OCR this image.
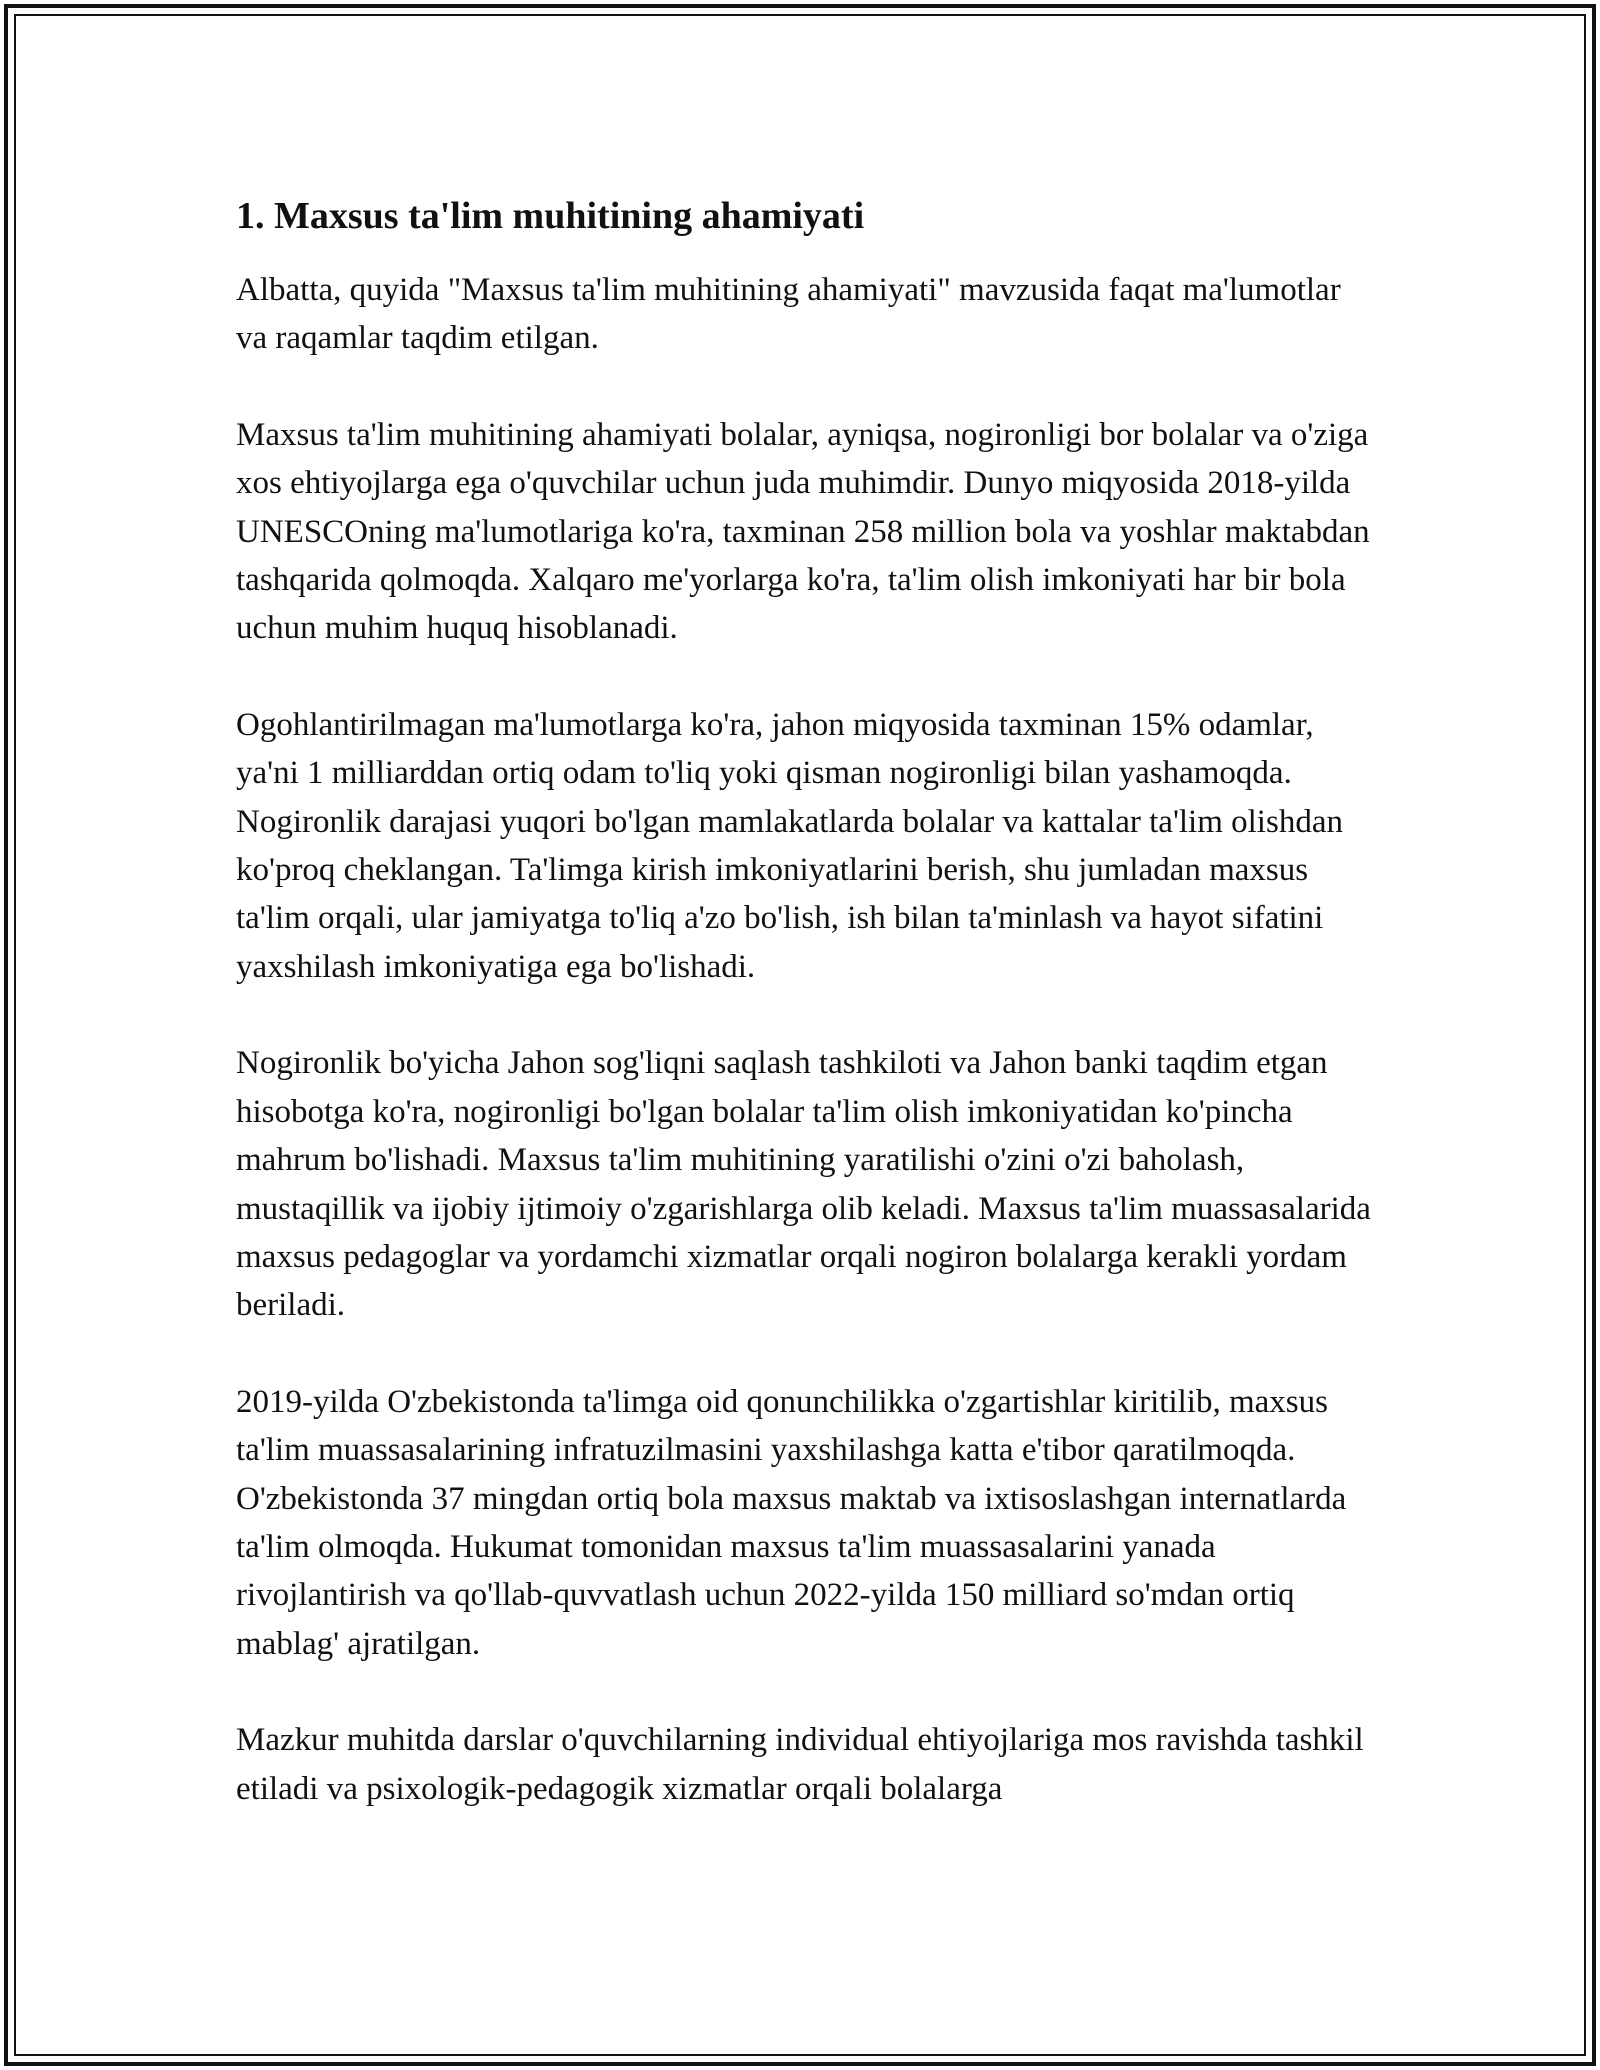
1. Maxsus ta'lim muhitining ahamiyati

Albatta, quyida "Maxsus ta'lim muhitining ahamiyati" mavzusida faqat ma'lumotlar va raqamlar taqdim etilgan.

Maxsus ta'lim muhitining ahamiyati bolalar, ayniqsa, nogironligi bor bolalar va o'ziga xos ehtiyojlarga ega o'quvchilar uchun juda muhimdir. Dunyo miqyosida 2018-yilda UNESCOning ma'lumotlariga ko'ra, taxminan 258 million bola va yoshlar maktabdan tashqarida qolmoqda. Xalqaro me'yorlarga ko'ra, ta'lim olish imkoniyati har bir bola uchun muhim huquq hisoblanadi.

Ogohlantirilmagan ma'lumotlarga ko'ra, jahon miqyosida taxminan 15% odamlar, ya'ni 1 milliarddan ortiq odam to'liq yoki qisman nogironligi bilan yashamoqda. Nogironlik darajasi yuqori bo'lgan mamlakatlarda bolalar va kattalar ta'lim olishdan ko'proq cheklangan. Ta'limga kirish imkoniyatlarini berish, shu jumladan maxsus ta'lim orqali, ular jamiyatga to'liq a'zo bo'lish, ish bilan ta'minlash va hayot sifatini yaxshilash imkoniyatiga ega bo'lishadi.

Nogironlik bo'yicha Jahon sog'liqni saqlash tashkiloti va Jahon banki taqdim etgan hisobotga ko'ra, nogironligi bo'lgan bolalar ta'lim olish imkoniyatidan ko'pincha mahrum bo'lishadi. Maxsus ta'lim muhitining yaratilishi o'zini o'zi baholash, mustaqillik va ijobiy ijtimoiy o'zgarishlarga olib keladi. Maxsus ta'lim muassasalarida maxsus pedagoglar va yordamchi xizmatlar orqali nogiron bolalarga kerakli yordam beriladi.

2019-yilda O'zbekistonda ta'limga oid qonunchilikka o'zgartishlar kiritilib, maxsus ta'lim muassasalarining infratuzilmasini yaxshilashga katta e'tibor qaratilmoqda. O'zbekistonda 37 mingdan ortiq bola maxsus maktab va ixtisoslashgan internatlarda ta'lim olmoqda. Hukumat tomonidan maxsus ta'lim muassasalarini yanada rivojlantirish va qo'llab-quvvatlash uchun 2022-yilda 150 milliard so'mdan ortiq mablag' ajratilgan.

Mazkur muhitda darslar o'quvchilarning individual ehtiyojlariga mos ravishda tashkil etiladi va psixologik-pedagogik xizmatlar orqali bolalarga
